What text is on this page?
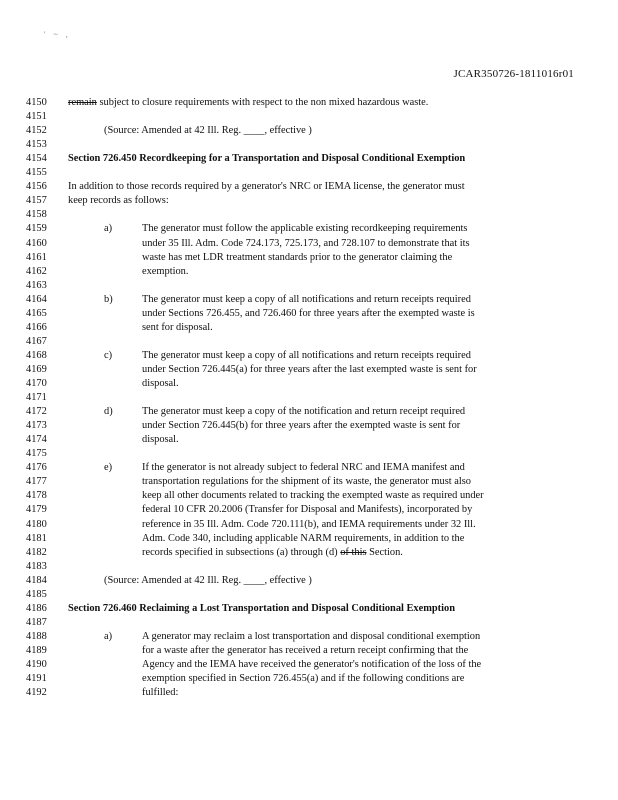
' ~ ,
JCAR350726-1811016r01
4150	remain subject to closure requirements with respect to the non mixed hazardous waste.
4151
4152	(Source: Amended at 42 Ill. Reg. ____, effective )
4153
4154	Section 726.450 Recordkeeping for a Transportation and Disposal Conditional Exemption
4155
4156	In addition to those records required by a generator's NRC or IEMA license, the generator must
4157	keep records as follows:
4158
4159	a)	The generator must follow the applicable existing recordkeeping requirements
4160	under 35 Ill. Adm. Code 724.173, 725.173, and 728.107 to demonstrate that its
4161	waste has met LDR treatment standards prior to the generator claiming the
4162	exemption.
4163
4164	b)	The generator must keep a copy of all notifications and return receipts required
4165	under Sections 726.455, and 726.460 for three years after the exempted waste is
4166	sent for disposal.
4167
4168	c)	The generator must keep a copy of all notifications and return receipts required
4169	under Section 726.445(a) for three years after the last exempted waste is sent for
4170	disposal.
4171
4172	d)	The generator must keep a copy of the notification and return receipt required
4173	under Section 726.445(b) for three years after the exempted waste is sent for
4174	disposal.
4175
4176	e)	If the generator is not already subject to federal NRC and IEMA manifest and
4177	transportation regulations for the shipment of its waste, the generator must also
4178	keep all other documents related to tracking the exempted waste as required under
4179	federal 10 CFR 20.2006 (Transfer for Disposal and Manifests), incorporated by
4180	reference in 35 Ill. Adm. Code 720.111(b), and IEMA requirements under 32 Ill.
4181	Adm. Code 340, including applicable NARM requirements, in addition to the
4182	records specified in subsections (a) through (d) of this Section.
4183
4184	(Source: Amended at 42 Ill. Reg. ____, effective )
4185
4186	Section 726.460 Reclaiming a Lost Transportation and Disposal Conditional Exemption
4187
4188	a)	A generator may reclaim a lost transportation and disposal conditional exemption
4189	for a waste after the generator has received a return receipt confirming that the
4190	Agency and the IEMA have received the generator's notification of the loss of the
4191	exemption specified in Section 726.455(a) and if the following conditions are
4192	fulfilled:
